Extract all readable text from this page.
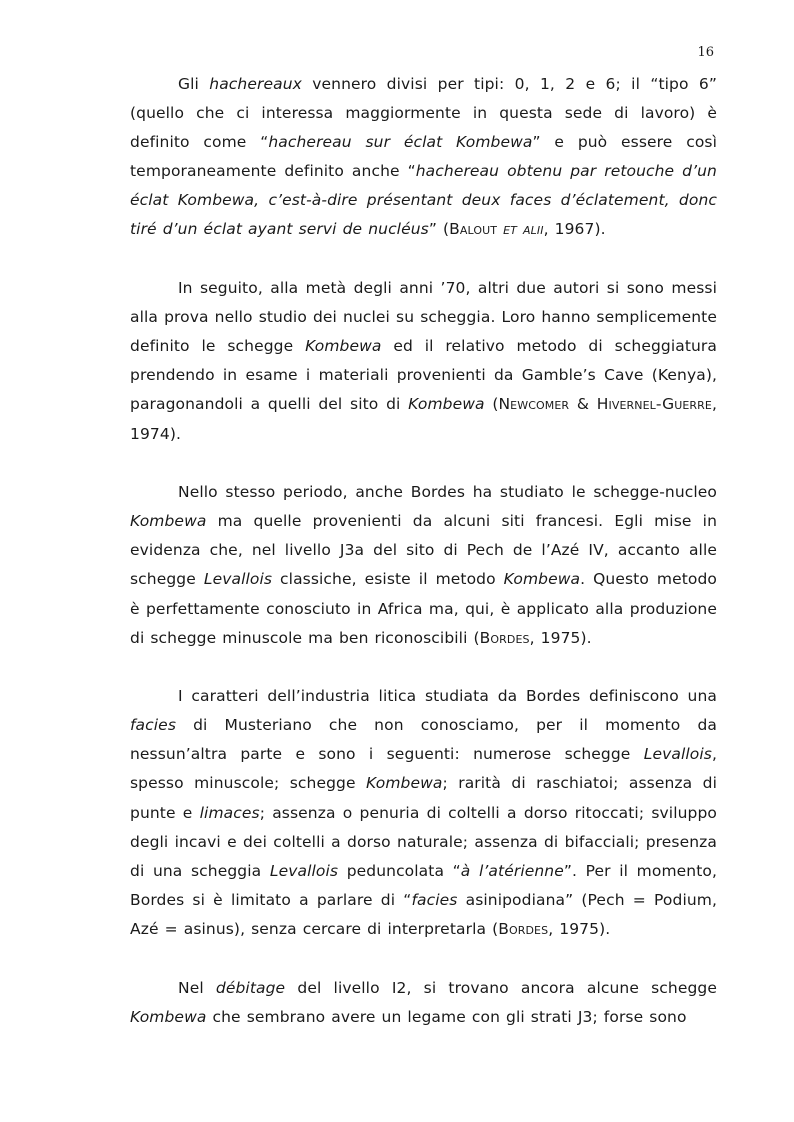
16

Gli hachereaux vennero divisi per tipi: 0, 1, 2 e 6; il “tipo 6” (quello che ci interessa maggiormente in questa sede di lavoro) è definito come “hachereau sur éclat Kombewa” e può essere così temporaneamente definito anche “hachereau obtenu par retouche d’un éclat Kombewa, c’est-à-dire présentant deux faces d’éclatement, donc tiré d’un éclat ayant servi de nucléus” (Balout et alii, 1967).

In seguito, alla metà degli anni ’70, altri due autori si sono messi alla prova nello studio dei nuclei su scheggia. Loro hanno semplicemente definito le schegge Kombewa ed il relativo metodo di scheggiatura prendendo in esame i materiali provenienti da Gamble’s Cave (Kenya), paragonandoli a quelli del sito di Kombewa (Newcomer & Hivernel-Guerre, 1974).

Nello stesso periodo, anche Bordes ha studiato le schegge-nucleo Kombewa ma quelle provenienti da alcuni siti francesi. Egli mise in evidenza che, nel livello J3a del sito di Pech de l’Azé IV, accanto alle schegge Levallois classiche, esiste il metodo Kombewa. Questo metodo è perfettamente conosciuto in Africa ma, qui, è applicato alla produzione di schegge minuscole ma ben riconoscibili (Bordes, 1975).

I caratteri dell’industria litica studiata da Bordes definiscono una facies di Musteriano che non conosciamo, per il momento da nessun’altra parte e sono i seguenti: numerose schegge Levallois, spesso minuscole; schegge Kombewa; rarità di raschiatoi; assenza di punte e limaces; assenza o penuria di coltelli a dorso ritoccati; sviluppo degli incavi e dei coltelli a dorso naturale; assenza di bifacciali; presenza di una scheggia Levallois peduncolata “à l’atérienne”. Per il momento, Bordes si è limitato a parlare di “facies asinipodiana” (Pech = Podium, Azé = asinus), senza cercare di interpretarla (Bordes, 1975).

Nel débitage del livello I2, si trovano ancora alcune schegge Kombewa che sembrano avere un legame con gli strati J3; forse sono
